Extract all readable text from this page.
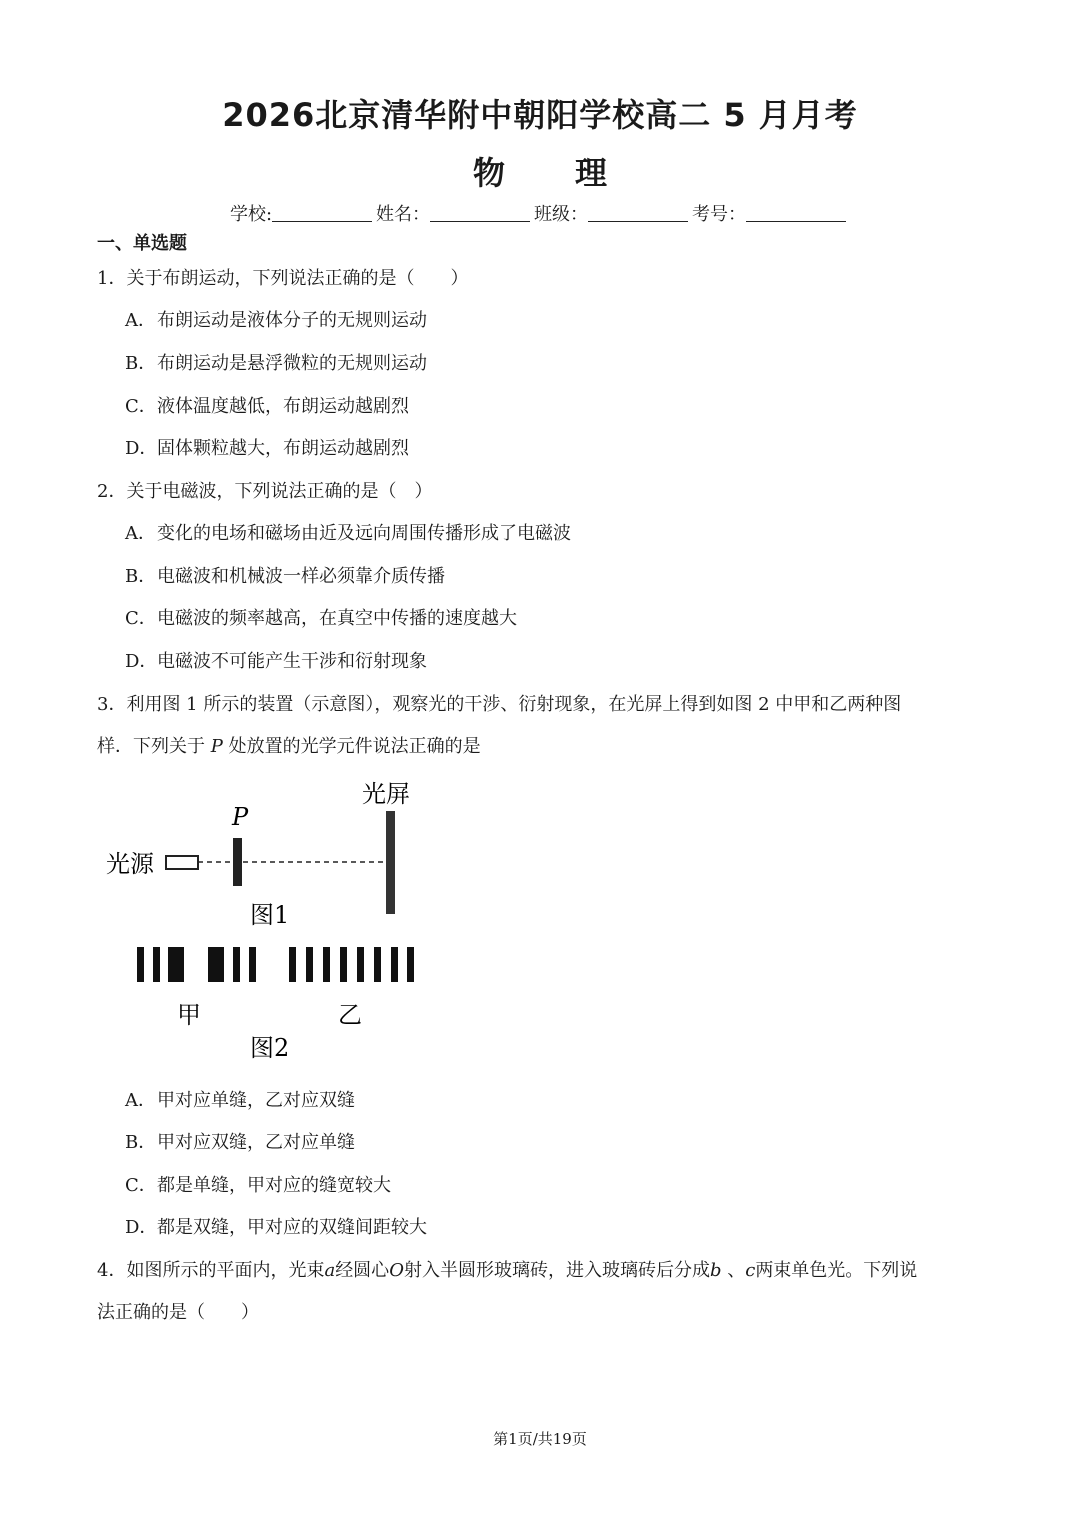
2026北京清华附中朝阳学校高二 5 月月考
物 理
学校:	姓名：	班级：	考号：
一、单选题
1．关于布朗运动，下列说法正确的是（　　）
A．布朗运动是液体分子的无规则运动
B．布朗运动是悬浮微粒的无规则运动
C．液体温度越低，布朗运动越剧烈
D．固体颗粒越大，布朗运动越剧烈
2．关于电磁波，下列说法正确的是（　）
A．变化的电场和磁场由近及远向周围传播形成了电磁波
B．电磁波和机械波一样必须靠介质传播
C．电磁波的频率越高，在真空中传播的速度越大
D．电磁波不可能产生干涉和衍射现象
3．利用图 1 所示的装置（示意图），观察光的干涉、衍射现象，在光屏上得到如图 2 中甲和乙两种图
样．下列关于 P 处放置的光学元件说法正确的是
光屏
P
光源
图1
甲	乙
图2
A．甲对应单缝，乙对应双缝
B．甲对应双缝，乙对应单缝
C．都是单缝，甲对应的缝宽较大
D．都是双缝，甲对应的双缝间距较大
4．如图所示的平面内，光束a经圆心O射入半圆形玻璃砖，进入玻璃砖后分成b 、c两束单色光。下列说
法正确的是（　　）
第1页/共19页
